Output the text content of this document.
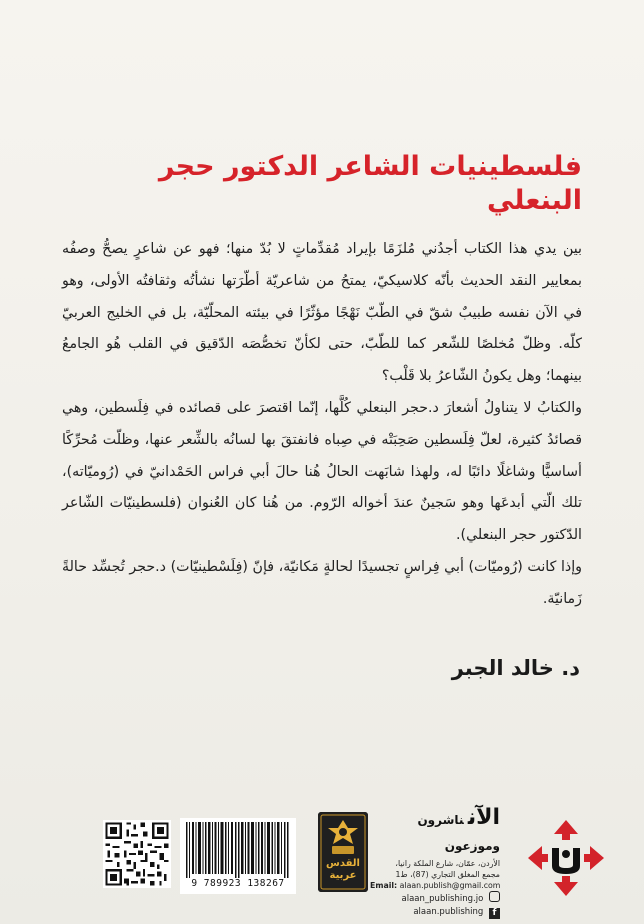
فلسطينيات الشاعر الدكتور حجر البنعلي

بين يدي هذا الكتاب أجدُني مُلزَمًا بإيراد مُقدِّماتٍ لا بُدّ منها؛ فهو عن شاعرٍ يصحُّ وصفُه بمعايير النقد الحديث بأنّه كلاسيكيّ، يمتحُ من شاعريّة أطّرَتها نشأتُه وثقافتُه الأولى، وهو في الآن نفسه طبيبٌ شقّ في الطّبّ نَهْجًا مؤثّرًا في بيئته المحلّيّة، بل في الخليج العربيّ كلّه. وظلّ مُخلصًا للشّعر كما للطّبّ، حتى لكأنّ تخصُّصَه الدّقيق في القلب هُو الجامعُ بينهما؛ وهل يكونُ الشّاعرُ بلا قَلْب؟

والكتابُ لا يتناولُ أشعارَ د.حجر البنعلي كُلَّها، إنّما اقتصرَ على قصائده في فِلَسطين، وهي قصائدُ كثيرة، لعلّ فِلَسطين صَحِبَتْه في صِباه فانفتقَ بها لسانُه بالشِّعر عنها، وظلّت مُحرِّكًا أساسيًّا وشاغلًا دائبًا له، ولهذا شابَهت الحالُ هُنا حالَ أبي فراس الحَمْدانيّ في (رُوميّاته)، تلك الّتي أبدعَها وهو سَجينٌ عندَ أخواله الرّوم. من هُنا كان العُنوان (فلسطينيّات الشّاعر الدّكتور حجر البنعلي).

وإذا كانت (رُوميّات) أبي فِراسٍ تجسيدًا لحالةٍ مَكانيّة، فإنّ (فِلَسْطينيّات) د.حجر تُجسِّد حالةً زَمانيّة.

د. خالد الجبر
9 789923 138267
القدس عربية
الآنناشرون وموزعون
الأردن، عمّان، شارع الملكة رانيا،
مجمع المغلق التجاري (87)، ط1
Email: alaan.publish@gmail.com
alaan_publishing.jo
alaan.publishing f
